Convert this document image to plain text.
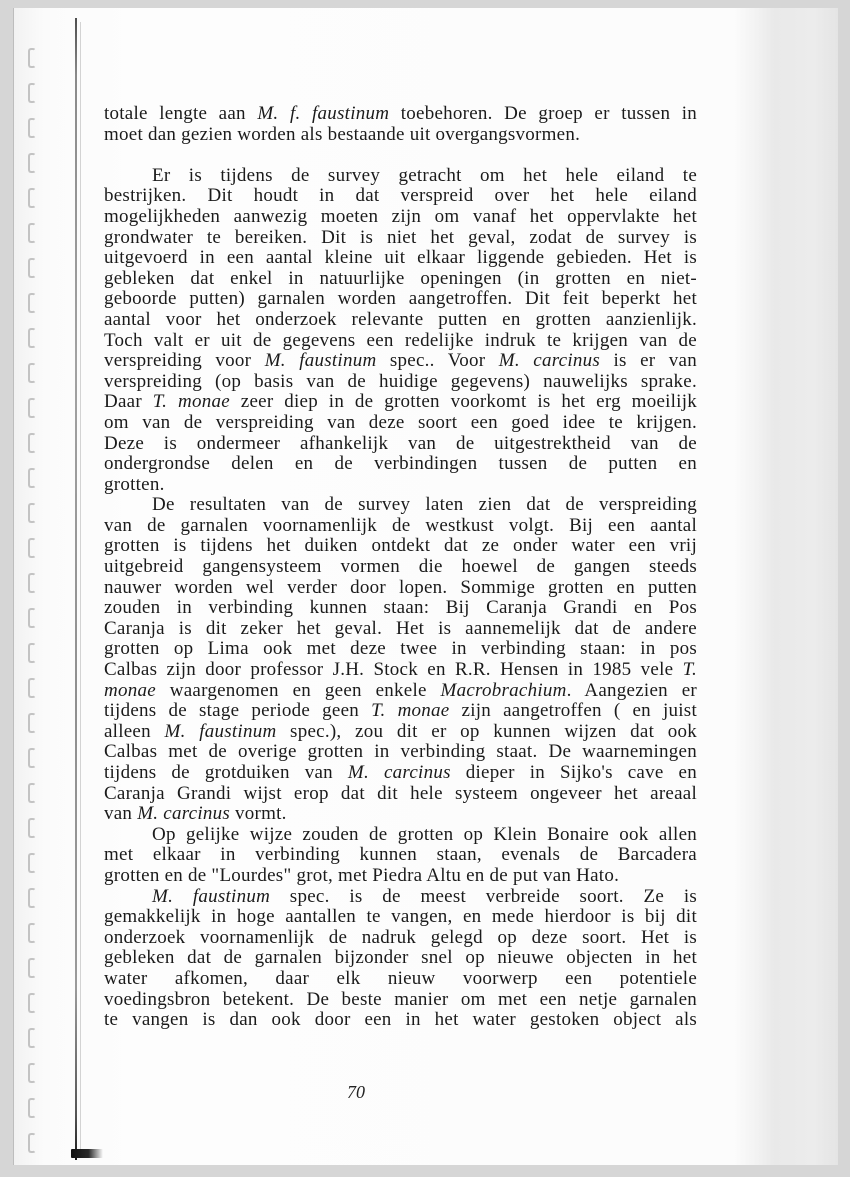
totale lengte aan M. f. faustinum toebehoren. De groep er tussen in
moet dan gezien worden als bestaande uit overgangsvormen.
Er is tijdens de survey getracht om het hele eiland te
bestrijken. Dit houdt in dat verspreid over het hele eiland
mogelijkheden aanwezig moeten zijn om vanaf het oppervlakte het
grondwater te bereiken. Dit is niet het geval, zodat de survey is
uitgevoerd in een aantal kleine uit elkaar liggende gebieden. Het is
gebleken dat enkel in natuurlijke openingen (in grotten en niet-
geboorde putten) garnalen worden aangetroffen. Dit feit beperkt het
aantal voor het onderzoek relevante putten en grotten aanzienlijk.
Toch valt er uit de gegevens een redelijke indruk te krijgen van de
verspreiding voor M. faustinum spec.. Voor M. carcinus is er van
verspreiding (op basis van de huidige gegevens) nauwelijks sprake.
Daar T. monae zeer diep in de grotten voorkomt is het erg moeilijk
om van de verspreiding van deze soort een goed idee te krijgen.
Deze is ondermeer afhankelijk van de uitgestrektheid van de
ondergrondse delen en de verbindingen tussen de putten en
grotten.
De resultaten van de survey laten zien dat de verspreiding
van de garnalen voornamenlijk de westkust volgt. Bij een aantal
grotten is tijdens het duiken ontdekt dat ze onder water een vrij
uitgebreid gangensysteem vormen die hoewel de gangen steeds
nauwer worden wel verder door lopen. Sommige grotten en putten
zouden in verbinding kunnen staan: Bij Caranja Grandi en Pos
Caranja is dit zeker het geval. Het is aannemelijk dat de andere
grotten op Lima ook met deze twee in verbinding staan: in pos
Calbas zijn door professor J.H. Stock en R.R. Hensen in 1985 vele T.
monae waargenomen en geen enkele Macrobrachium. Aangezien er
tijdens de stage periode geen T. monae zijn aangetroffen ( en juist
alleen M. faustinum spec.), zou dit er op kunnen wijzen dat ook
Calbas met de overige grotten in verbinding staat. De waarnemingen
tijdens de grotduiken van M. carcinus dieper in Sijko's cave en
Caranja Grandi wijst erop dat dit hele systeem ongeveer het areaal
van M. carcinus vormt.
Op gelijke wijze zouden de grotten op Klein Bonaire ook allen
met elkaar in verbinding kunnen staan, evenals de Barcadera
grotten en de "Lourdes" grot, met Piedra Altu en de put van Hato.
M. faustinum spec. is de meest verbreide soort. Ze is
gemakkelijk in hoge aantallen te vangen, en mede hierdoor is bij dit
onderzoek voornamenlijk de nadruk gelegd op deze soort. Het is
gebleken dat de garnalen bijzonder snel op nieuwe objecten in het
water afkomen, daar elk nieuw voorwerp een potentiele
voedingsbron betekent. De beste manier om met een netje garnalen
te vangen is dan ook door een in het water gestoken object als
70
